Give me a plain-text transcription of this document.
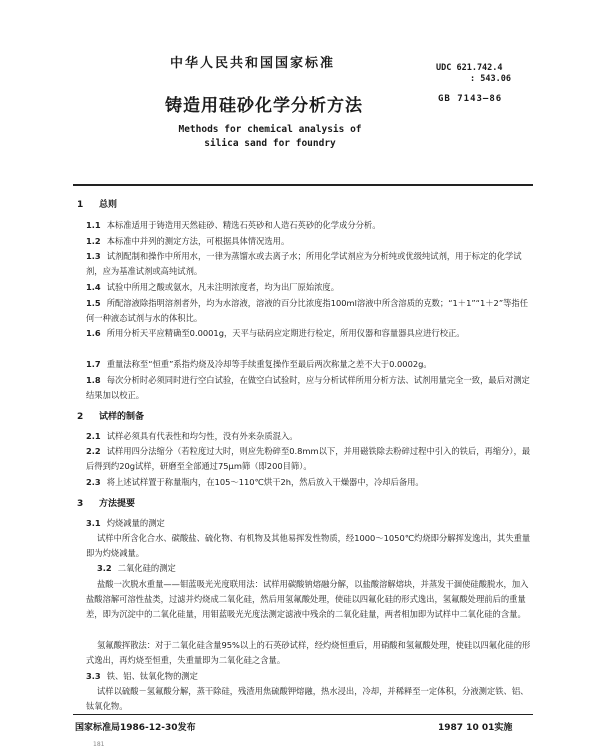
中华人民共和国国家标准	UDC 621.742.4
: 543.06
铸造用硅砂化学分析方法	GB 7143—86
Methods for chemical analysis of
silica sand for foundry
1 总则
1.1 本标准适用于铸造用天然硅砂、精选石英砂和人造石英砂的化学成分分析。
1.2 本标准中并列的测定方法，可根据具体情况选用。
1.3 试剂配制和操作中所用水，一律为蒸馏水或去离子水；所用化学试剂应为分析纯或优级纯试剂，用于标定的化学试剂，应为基准试剂或高纯试剂。
1.4 试验中所用之酸或氨水，凡未注明浓度者，均为出厂原始浓度。
1.5 所配溶液除指明溶剂者外，均为水溶液，溶液的百分比浓度指100ml溶液中所含溶质的克数；“1＋1”“1＋2”等指任何一种液态试剂与水的体积比。
1.6 所用分析天平应精确至0.0001g，天平与砝码应定期进行检定，所用仪器和容量器具应进行校正。
1.7 重量法称至“恒重”系指灼烧及冷却等手续重复操作至最后两次称量之差不大于0.0002g。
1.8 每次分析时必须同时进行空白试验，在做空白试验时，应与分析试样所用分析方法、试剂用量完全一致，最后对测定结果加以校正。
2 试样的制备
2.1 试样必须具有代表性和均匀性，没有外来杂质混入。
2.2 试样用四分法缩分（若粒度过大时，则应先粉碎至0.8mm以下，并用磁铁除去粉碎过程中引入的铁后，再缩分），最后得到约20g试样，研磨至全部通过75μm筛（即200目筛）。
2.3 将上述试样置于称量瓶内，在105～110℃烘干2h，然后放入干燥器中，冷却后备用。
3 方法提要
3.1 灼烧减量的测定
试样中所含化合水、碳酸盐、硫化物、有机物及其他易挥发性物质，经1000～1050℃灼烧即分解挥发逸出，其失重量即为灼烧减量。
3.2 二氧化硅的测定
盐酸一次脱水重量——钼蓝吸光光度联用法：试样用碳酸钠熔融分解，以盐酸溶解熔块，并蒸发干涸使硅酸脱水，加入盐酸溶解可溶性盐类，过滤并灼烧成二氧化硅，然后用氢氟酸处理，使硅以四氟化硅的形式逸出，氢氟酸处理前后的重量差，即为沉淀中的二氧化硅量，用钼蓝吸光光度法测定滤液中残余的二氧化硅量，两者相加即为试样中二氧化硅的含量。
氢氟酸挥散法：对于二氧化硅含量95%以上的石英砂试样，经灼烧恒重后，用硝酸和氢氟酸处理，使硅以四氟化硅的形式逸出，再灼烧至恒重，失重量即为二氧化硅之含量。
3.3 铁、铝、钛氧化物的测定
试样以硫酸－氢氟酸分解，蒸干除硅，残渣用焦硫酸钾熔融，热水浸出，冷却，并稀释至一定体积，分液测定铁、铝、钛氧化物。
国家标准局1986-12-30发布	1987 10 01实施
181
